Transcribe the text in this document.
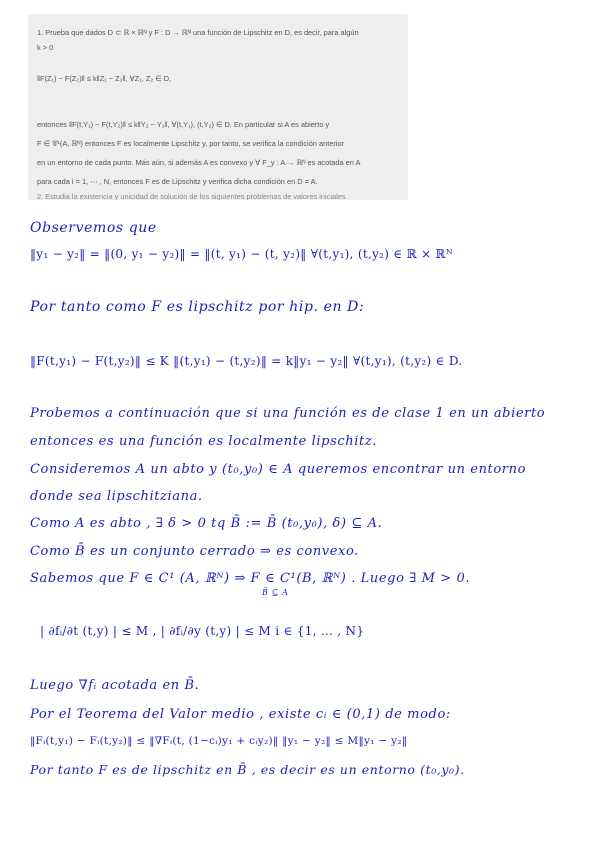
1. Prueba que dados D ⊂ ℝ × ℝᴺ y F : D → ℝᴺ una función de Lipschitz en D, es decir, para algún
k > 0
‖F(Z₁) − F(Z₂)‖ ≤ k‖Z₁ − Z₂‖, ∀Z₁, Z₂ ∈ D,
entonces ‖F(t,Y₁) − F(t,Y₂)‖ ≤ k‖Y₂ − Y₁‖, ∀(t,Y₁), (t,Y₂) ∈ D. En particular si A es abierto y
F ∈ 𝒞¹(A, ℝᴺ) entonces F es localmente Lipschitz y, por tanto, se verifica la condición anterior
en un entorno de cada punto. Más aún, si además A es convexo y ∀ F_y : A → ℝᴺ es acotada en A
para cada i = 1, ⋯ , N, entonces F es de Lipschitz y verifica dicha condición en D = A.
2. Estudia la existencia y unicidad de solución de los siguientes problemas de valores iniciales
Observemos que
‖y₁ − y₂‖ = ‖(0, y₁ − y₂)‖ = ‖(t, y₁) − (t, y₂)‖ ∀(t,y₁), (t,y₂) ∈ ℝ × ℝᴺ
Por tanto como F es lipschitz por hip. en D:
‖F(t,y₁) − F(t,y₂)‖ ≤ K ‖(t,y₁) − (t,y₂)‖ = k‖y₁ − y₂‖ ∀(t,y₁), (t,y₂) ∈ D.
Probemos a continuación que si una función es de clase 1 en un abierto
entonces es una función es localmente lipschitz.
Consideremos A un abto y (t₀,y₀) ∈ A queremos encontrar un entorno
donde sea lipschitziana.
Como A es abto , ∃ δ > 0 tq B̄ := B̄ (t₀,y₀), δ) ⊆ A.
Como B̄ es un conjunto cerrado ⇒ es convexo.
Sabemos que F ∈ C¹ (A, ℝᴺ) ⇒ F ∈ C¹(B, ℝᴺ) . Luego ∃ M > 0.
B̄ ⊆ A
| ∂fᵢ/∂t (t,y) | ≤ M , | ∂fᵢ/∂y (t,y) | ≤ M i ∈ {1, … , N}
Luego ∇fᵢ acotada en B̄.
Por el Teorema del Valor medio , existe cᵢ ∈ (0,1) de modo:
‖Fᵢ(t,y₁) − Fᵢ(t,y₂)‖ ≤ ‖∇Fᵢ(t, (1−cᵢ)y₁ + cᵢy₂)‖ ‖y₁ − y₂‖ ≤ M‖y₁ − y₂‖
Por tanto F es de lipschitz en B̄ , es decir es un entorno (t₀,y₀).
